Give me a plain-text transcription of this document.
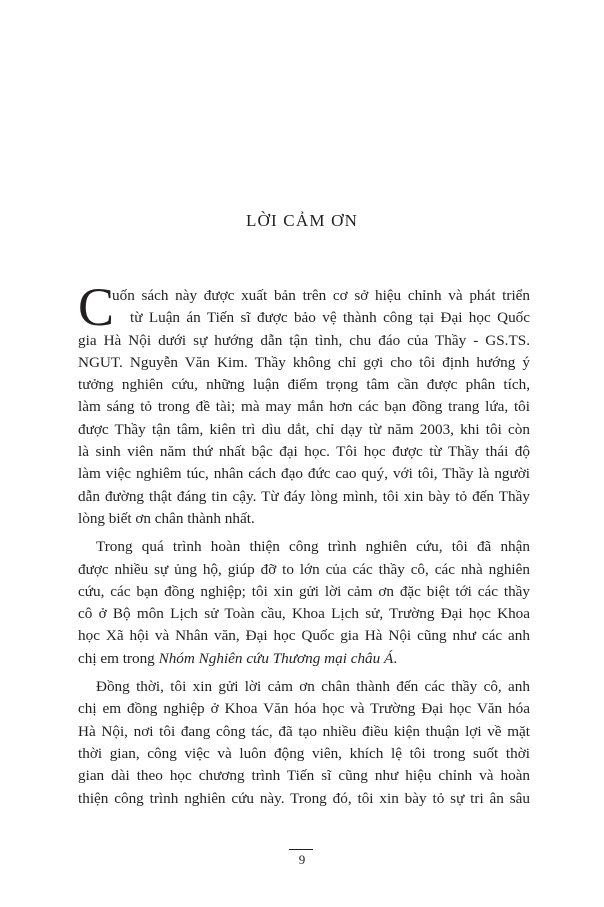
LỜI CẢM ƠN
C
uốn sách này được xuất bản trên cơ sở hiệu chỉnh và phát triển
từ Luận án Tiến sĩ được bảo vệ thành công tại Đại học Quốc
gia Hà Nội dưới sự hướng dẫn tận tình, chu đáo của Thầy - GS.TS.
NGUT. Nguyễn Văn Kim. Thầy không chỉ gợi cho tôi định hướng ý
tưởng nghiên cứu, những luận điểm trọng tâm cần được phân tích,
làm sáng tỏ trong đề tài; mà may mắn hơn các bạn đồng trang lứa, tôi
được Thầy tận tâm, kiên trì dìu dắt, chỉ dạy từ năm 2003, khi tôi còn
là sinh viên năm thứ nhất bậc đại học. Tôi học được từ Thầy thái độ
làm việc nghiêm túc, nhân cách đạo đức cao quý, với tôi, Thầy là người
dẫn đường thật đáng tin cậy. Từ đáy lòng mình, tôi xin bày tỏ đến Thầy
lòng biết ơn chân thành nhất.
Trong quá trình hoàn thiện công trình nghiên cứu, tôi đã nhận
được nhiều sự ủng hộ, giúp đỡ to lớn của các thầy cô, các nhà nghiên
cứu, các bạn đồng nghiệp; tôi xin gửi lời cảm ơn đặc biệt tới các thầy
cô ở Bộ môn Lịch sử Toàn cầu, Khoa Lịch sử, Trường Đại học Khoa
học Xã hội và Nhân văn, Đại học Quốc gia Hà Nội cũng như các anh
chị em trong Nhóm Nghiên cứu Thương mại châu Á.
Đồng thời, tôi xin gửi lời cảm ơn chân thành đến các thầy cô, anh
chị em đồng nghiệp ở Khoa Văn hóa học và Trường Đại học Văn hóa
Hà Nội, nơi tôi đang công tác, đã tạo nhiều điều kiện thuận lợi về mặt
thời gian, công việc và luôn động viên, khích lệ tôi trong suốt thời
gian dài theo học chương trình Tiến sĩ cũng như hiệu chỉnh và hoàn
thiện công trình nghiên cứu này. Trong đó, tôi xin bày tỏ sự tri ân sâu
9
